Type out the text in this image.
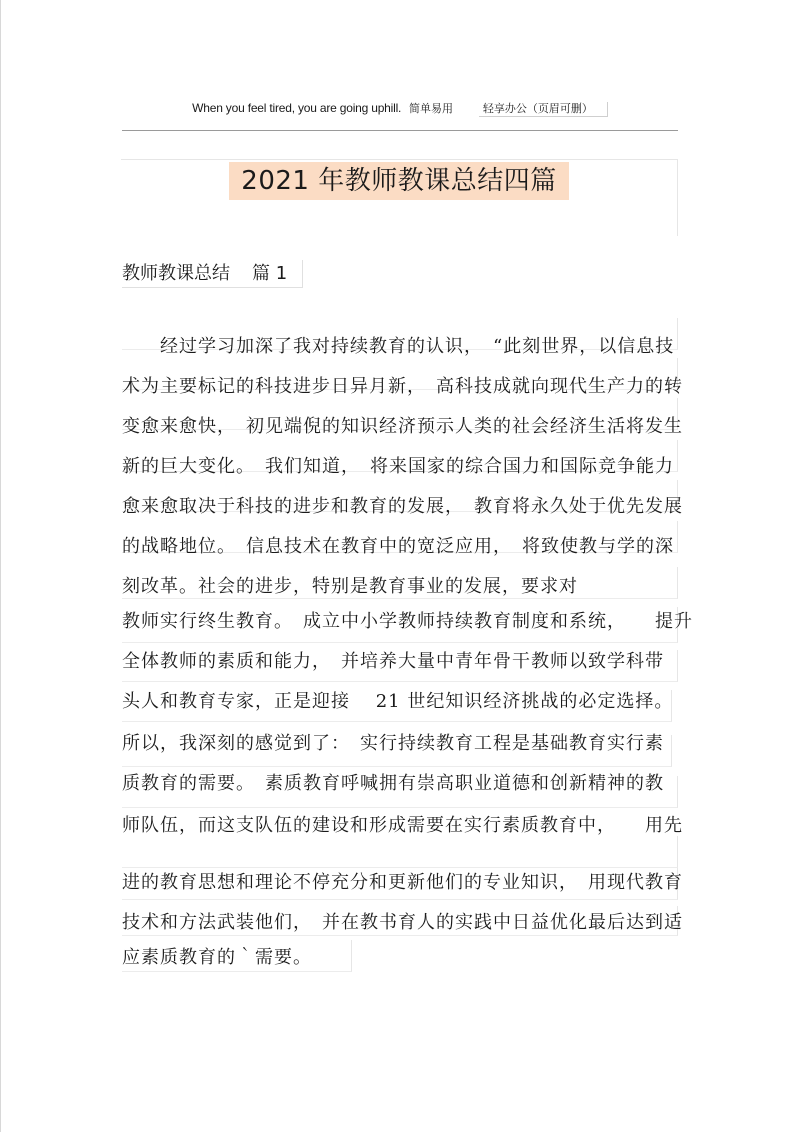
When you feel tired, you are going uphill. 简单易用	轻享办公（页眉可删）
2021 年教师教课总结四篇
教师教课总结 篇 1
　　经过学习加深了我对持续教育的认识，　“此刻世界，以信息技
术为主要标记的科技进步日异月新，　高科技成就向现代生产力的转
变愈来愈快，　初见端倪的知识经济预示人类的社会经济生活将发生
新的巨大变化。　我们知道，　将来国家的综合国力和国际竞争能力
愈来愈取决于科技的进步和教育的发展，　教育将永久处于优先发展
的战略地位。　信息技术在教育中的宽泛应用，　将致使教与学的深
刻改革。社会的进步，特别是教育事业的发展，要求对
教师实行终生教育。　成立中小学教师持续教育制度和系统，　　提升
全体教师的素质和能力，　并培养大量中青年骨干教师以致学科带
头人和教育专家，正是迎接　 21 世纪知识经济挑战的必定选择。
所以，我深刻的感觉到了：　实行持续教育工程是基础教育实行素
质教育的需要。　素质教育呼喊拥有崇高职业道德和创新精神的教
师队伍，而这支队伍的建设和形成需要在实行素质教育中，　　用先
进的教育思想和理论不停充分和更新他们的专业知识，　用现代教育
技术和方法武装他们，　并在教书育人的实践中日益优化最后达到适
应素质教育的｀需要。
